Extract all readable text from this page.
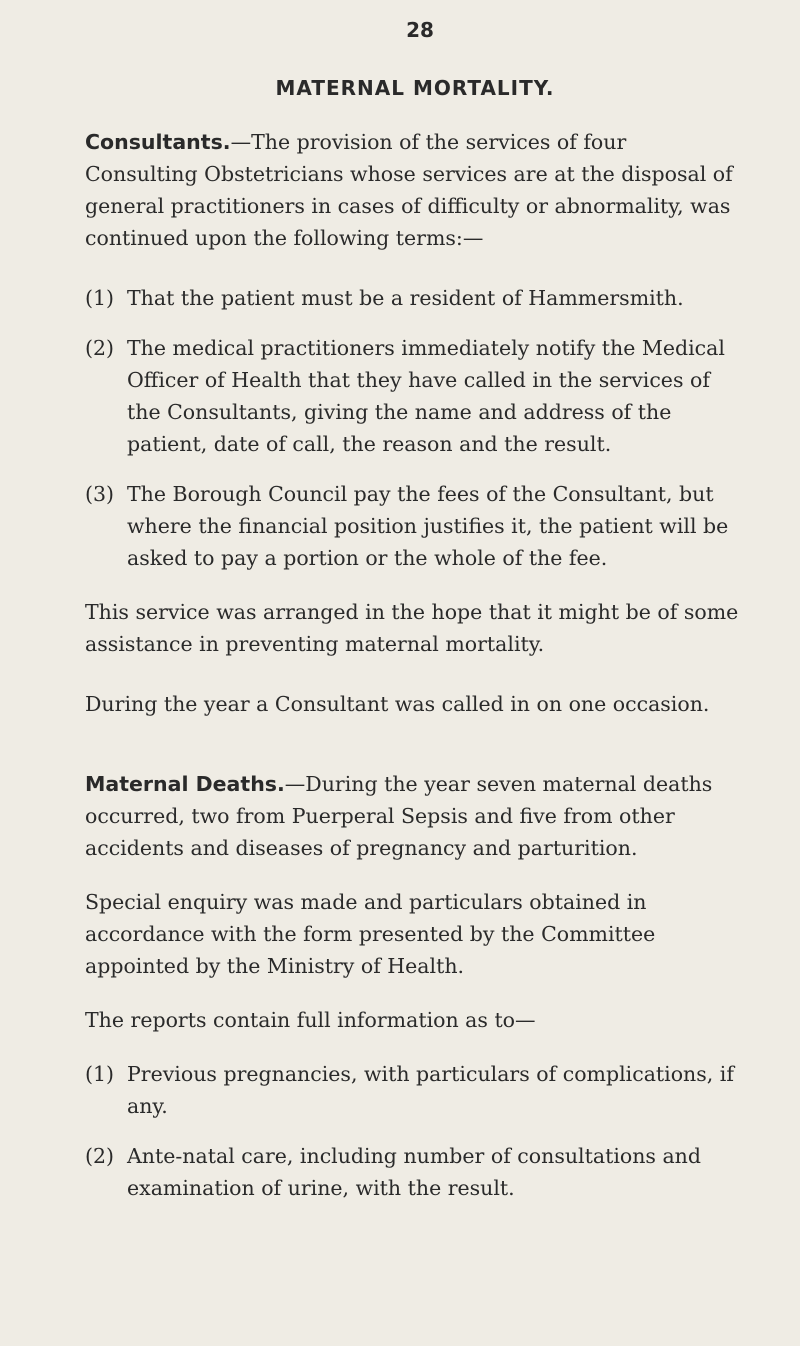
28
MATERNAL MORTALITY.

Consultants.—The provision of the services of four Consulting Obstetricians whose services are at the disposal of general practitioners in cases of difficulty or abnormality, was continued upon the following terms:—

(1) That the patient must be a resident of Hammersmith.
(2) The medical practitioners immediately notify the Medical Officer of Health that they have called in the services of the Consultants, giving the name and address of the patient, date of call, the reason and the result.
(3) The Borough Council pay the fees of the Consultant, but where the financial position justifies it, the patient will be asked to pay a portion or the whole of the fee.

This service was arranged in the hope that it might be of some assistance in preventing maternal mortality.

During the year a Consultant was called in on one occasion.

Maternal Deaths.—During the year seven maternal deaths occurred, two from Puerperal Sepsis and five from other accidents and diseases of pregnancy and parturition.

Special enquiry was made and particulars obtained in accordance with the form presented by the Committee appointed by the Ministry of Health.

The reports contain full information as to—

(1) Previous pregnancies, with particulars of complications, if any.
(2) Ante-natal care, including number of consultations and examination of urine, with the result.
